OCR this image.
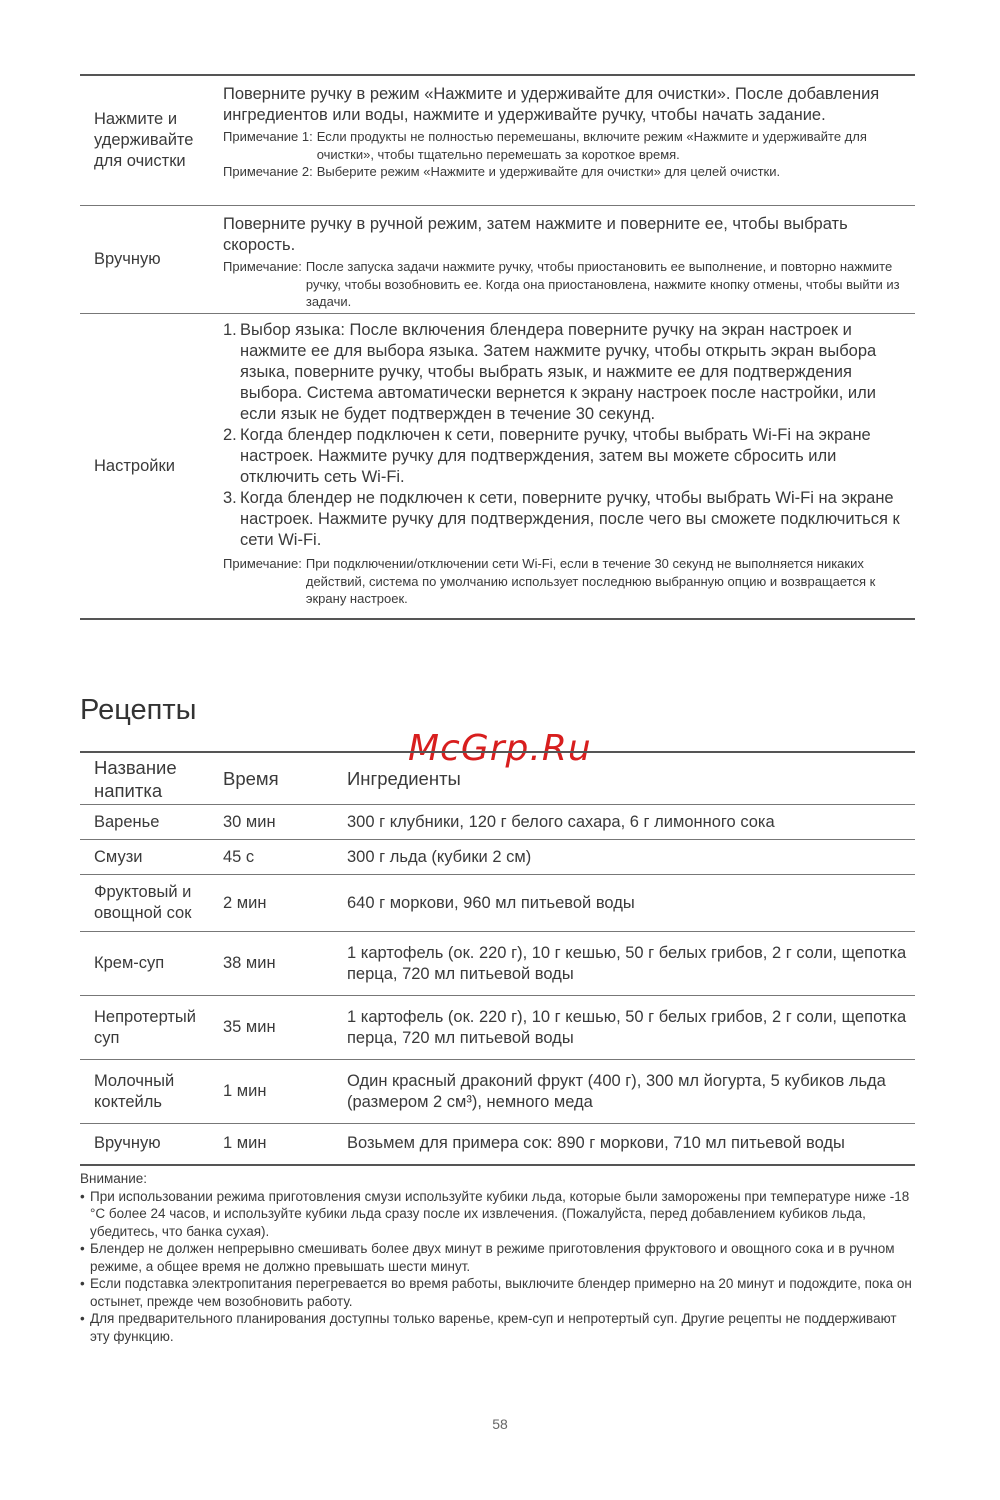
Нажмите и удерживайте для очистки

Поверните ручку в режим «Нажмите и удерживайте для очистки». После добавления ингредиентов или воды, нажмите и удерживайте ручку, чтобы начать задание.

Примечание 1: Если продукты не полностью перемешаны, включите режим «Нажмите и удерживайте для очистки», чтобы тщательно перемешать за короткое время.
Примечание 2: Выберите режим «Нажмите и удерживайте для очистки» для целей очистки.
Вручную

Поверните ручку в ручной режим, затем нажмите и поверните ее, чтобы выбрать скорость.

Примечание: После запуска задачи нажмите ручку, чтобы приостановить ее выполнение, и повторно нажмите ручку, чтобы возобновить ее. Когда она приостановлена, нажмите кнопку отмены, чтобы выйти из задачи.
Настройки
1. Выбор языка: После включения блендера поверните ручку на экран настроек и нажмите ее для выбора языка. Затем нажмите ручку, чтобы открыть экран выбора языка, поверните ручку, чтобы выбрать язык, и нажмите ее для подтверждения выбора. Система автоматически вернется к экрану настроек после настройки, или если язык не будет подтвержден в течение 30 секунд.
2. Когда блендер подключен к сети, поверните ручку, чтобы выбрать Wi-Fi на экране настроек. Нажмите ручку для подтверждения, затем вы можете сбросить или отключить сеть Wi-Fi.
3. Когда блендер не подключен к сети, поверните ручку, чтобы выбрать Wi-Fi на экране настроек. Нажмите ручку для подтверждения, после чего вы сможете подключиться к сети Wi-Fi.
Примечание: При подключении/отключении сети Wi-Fi, если в течение 30 секунд не выполняется никаких действий, система по умолчанию использует последнюю выбранную опцию и возвращается к экрану настроек.
Рецепты
McGrp.Ru
Название напитка	Время	Ингредиенты
Варенье	30 мин	300 г клубники, 120 г белого сахара, 6 г лимонного сока
Смузи	45 с	300 г льда (кубики 2 см)
Фруктовый и овощной сок	2 мин	640 г моркови, 960 мл питьевой воды
Крем-суп	38 мин	1 картофель (ок. 220 г), 10 г кешью, 50 г белых грибов, 2 г соли, щепотка перца, 720 мл питьевой воды
Непротертый суп	35 мин	1 картофель (ок. 220 г), 10 г кешью, 50 г белых грибов, 2 г соли, щепотка перца, 720 мл питьевой воды
Молочный коктейль	1 мин	Один красный драконий фрукт (400 г), 300 мл йогурта, 5 кубиков льда (размером 2 см³), немного меда
Вручную	1 мин	Возьмем для примера сок: 890 г моркови, 710 мл питьевой воды
Внимание:
• При использовании режима приготовления смузи используйте кубики льда, которые были заморожены при температуре ниже -18 °C более 24 часов, и используйте кубики льда сразу после их извлечения. (Пожалуйста, перед добавлением кубиков льда, убедитесь, что банка сухая).
• Блендер не должен непрерывно смешивать более двух минут в режиме приготовления фруктового и овощного сока и в ручном режиме, а общее время не должно превышать шести минут.
• Если подставка электропитания перегревается во время работы, выключите блендер примерно на 20 минут и подождите, пока он остынет, прежде чем возобновить работу.
• Для предварительного планирования доступны только варенье, крем-суп и непротертый суп. Другие рецепты не поддерживают эту функцию.
58
